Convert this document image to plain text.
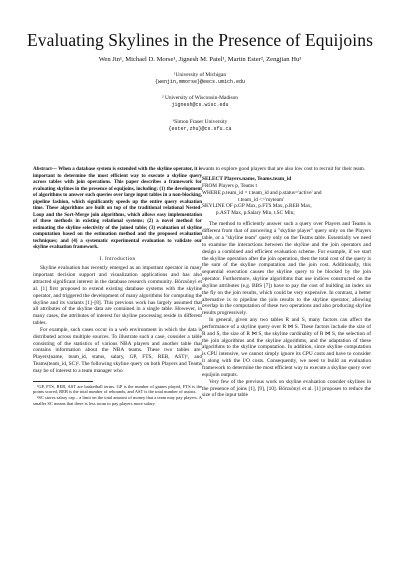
Evaluating Skylines in the Presence of Equijoins
Wen Jin¹, Michael D. Morse¹, Jignesh M. Patel¹, Martin Ester², Zengjian Hu³
¹University of Michigan
{wenjin,mmorse}@eecs.umich.edu
² University of Wisconsin-Madison
jignesh@cs.wisc.edu
³Simon Fraser University
{ester,zhu}@cs.sfu.ca
Abstract— When a database system is extended with the skyline operator, it is important to determine the most efficient way to execute a skyline query across tables with join operations. This paper describes a framework for evaluating skylines in the presence of equijoins, including: (1) the development of algorithms to answer such queries over large input tables in a non-blocking, pipeline fashion, which significantly speeds up the entire query evaluation time. These algorithms are built on top of the traditional relational Nested-Loop and the Sort-Merge join algorithms, which allows easy implementation of these methods in existing relational systems; (2) a novel method for estimating the skyline selectivity of the joined table; (3) evaluation of skyline computation based on the estimation method and the proposed evaluation techniques; and (4) a systematic experimental evaluation to validate our skyline evaluation framework.
I. Introduction

Skyline evaluation has recently emerged as an important operator in many important decision support and visualization applications and has also attracted significant interest in the database research community. Börzsönyi et al. [1] first proposed to extend existing database systems with the skyline operator, and triggered the development of many algorithms for computing the skyline and its variants [1]–[8]. This previous work has largely assumed that all attributes of the skyline data are contained in a single table. However, in many cases, the attributes of interest for skyline processing reside in different tables.

For example, such cases occur in a web environment in which the data is distributed across multiple sources. To illustrate such a case, consider a table consisting of the statistics of various NBA players and another table that contains information about the NBA teams. These two tables are: Players(name, team_id, status, salary, GP, FTS, REB, AST)¹, and Teams(team_id, SC)². The following skyline query on both Players and Teams may be of interest to a team manager who

¹GP, FTS, REB, AST are basketball terms. GP is the number of games played, FTS is the points scored, REB is the total number of rebounds, and AST is the total number of assists.

²SC stores salary cap – a limit on the total amount of money that a team may pay players. A smaller SC means that there is less room to pay players more salary.

wants to explore good players that are also low cost to recruit for their team.

SELECT Players.name, Teams.team_id
FROM Players p, Teams t
WHERE p.team_id = t.team_id and p.status='active' and
t.team_id <>'myteam'
SKYLINE OF p.GP Max, p.FTS Max, p.REB Max,
p.AST Max, p.Salary Min, t.SC Min;

The method to efficiently answer such a query over Players and Teams is different from that of answering a "skyline player" query only on the Players table, or a "skyline team" query only on the Teams table. Essentially we need to examine the interactions between the skyline and the join operators and design a combined and efficient evaluation scheme. For example, if we start the skyline operation after the join operation, then the total cost of the query is the sum of the skyline computation and the join cost. Additionally, this sequential execution causes the skyline query to be blocked by the join operator. Furthermore, skyline algorithms that use indices constructed on the skyline attributes (e.g. BBS [7]) have to pay the cost of building an index on the fly on the join results, which could be very expensive. In contrast, a better alternative is to pipeline the join results to the skyline operator, allowing overlap in the computation of these two operations and also producing skyline results progressively.

In general, given any two tables R and S, many factors can affect the performance of a skyline query over R ⋈ S. These factors include the size of R and S, the size of R ⋈ S, the skyline cardinality of R ⋈ S, the selection of the join algorithms and the skyline algorithms, and the adaptation of these algorithms to the skyline computation. In addition, since skyline computation is CPU intensive, we cannot simply ignore its CPU costs and have to consider it along with the I/O costs. Consequently, we need to build an evaluation framework to determine the most efficient way to execute a skyline query over equijoin outputs.

Very few of the previous work on skyline evaluation consider skylines in the presence of joins [1], [9], [10]. Börzsönyi et al. [1] proposes to reduce the size of the input table
